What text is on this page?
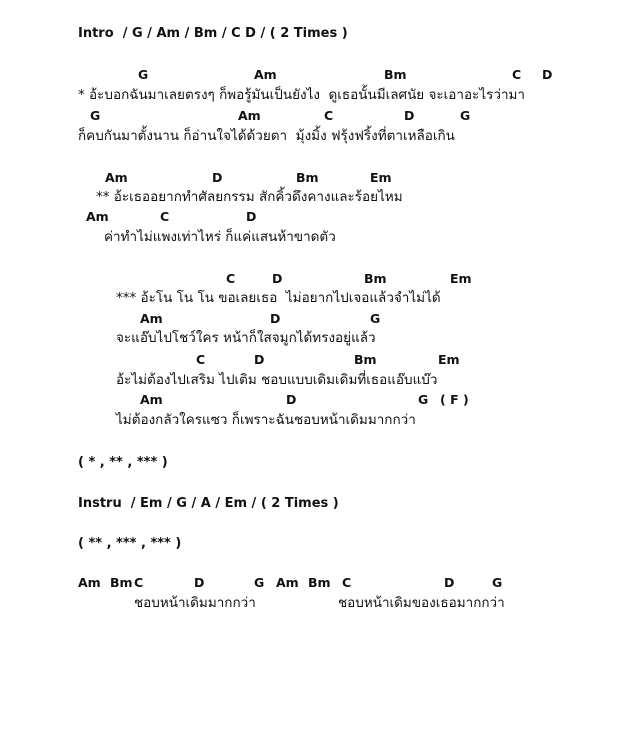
Intro  / G / Am / Bm / C D / ( 2 Times )

G

	Am

	Bm

	C

D

* อ้ะบอกฉันมาเลยตรงๆ ก็พอรู้มันเป็นยังไง  ดูเธอนั้นมีเลศนัย จะเอาอะไรว่ามา

G

	Am

	C

	D

	G

ก็คบกันมาตั้งนาน ก็อ่านใจได้ด้วยตา  มุ้งมิ้ง ฟรุ้งฟริ้งที่ตาเหลือเกิน

Am

	D

	Bm

	Em

** อ้ะเธออยากทำศัลยกรรม สักคิ้วดึงคางและร้อยไหม

Am

	C

	D

ค่าทำไม่แพงเท่าไหร่ ก็แค่แสนห้าขาดตัว

C

	D

	Bm

	Em

*** อ้ะโน โน โน ขอเลยเธอ  ไม่อยากไปเจอแล้วจำไม่ได้

Am

	D

	G

จะแอ๊บไปโชว์ใคร หน้าก็ใสจมูกได้ทรงอยู่แล้ว

C

	D

	Bm

	Em

อ้ะไม่ต้องไปเสริม ไปเติม ชอบแบบเดิมเดิมที่เธอแอ๊บแบ๊ว

Am

	D

	G

( F )

ไม่ต้องกลัวใครแซว ก็เพราะฉันชอบหน้าเดิมมากกว่า
( * , ** , *** )
Instru  / Em / G / A / Em / ( 2 Times )
( ** , *** , *** )

Am

Bm

C

	D

	G

Am

Bm

C

	D

	G

ชอบหน้าเดิมมากกว่า	ชอบหน้าเดิมของเธอมากกว่า
